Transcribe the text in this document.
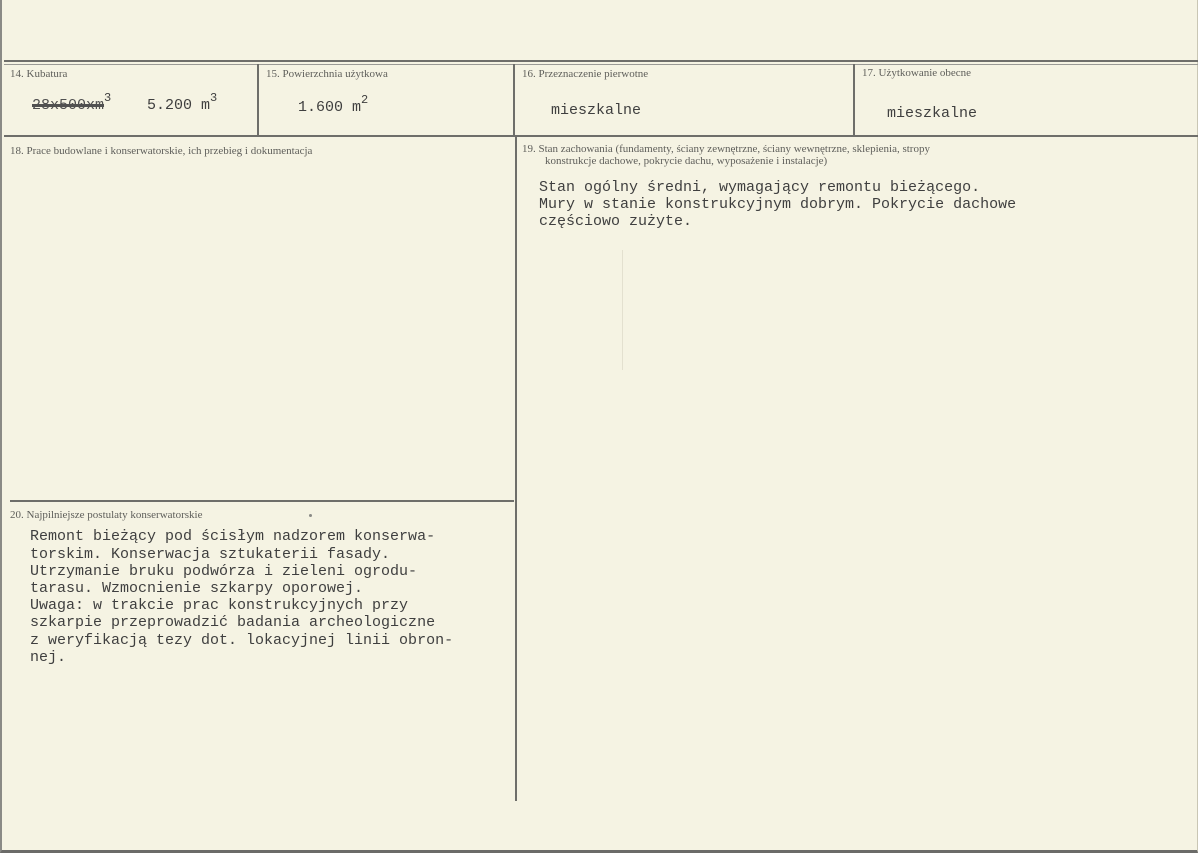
14. Kubatura
$28x500xm^3$ 5.200 $m^3$
15. Powierzchnia użytkowa
1.600 $m^2$
16. Przeznaczenie pierwotne
mieszkalne
17. Użytkowanie obecne
mieszkalne
18. Prace budowlane i konserwatorskie, ich przebieg i dokumentacja	19. Stan zachowania (fundamenty, ściany zewnętrzne, ściany wewnętrzne, sklepienia, stropy
konstrukcje dachowe, pokrycie dachu, wyposażenie i instalacje)
Stan ogólny średni, wymagający remontu bieżącego.
Mury w stanie konstrukcyjnym dobrym. Pokrycie dachowe
częściowo zużyte.
20. Najpilniejsze postulaty konserwatorskie
Remont bieżący pod ścisłym nadzorem konserwa-
torskim. Konserwacja sztukaterii fasady.
Utrzymanie bruku podwórza i zieleni ogrodu-
tarasu. Wzmocnienie szkarpy oporowej.
Uwaga: w trakcie prac konstrukcyjnych przy
szkarpie przeprowadzić badania archeologiczne
z weryfikacją tezy dot. lokacyjnej linii obron-
nej.
